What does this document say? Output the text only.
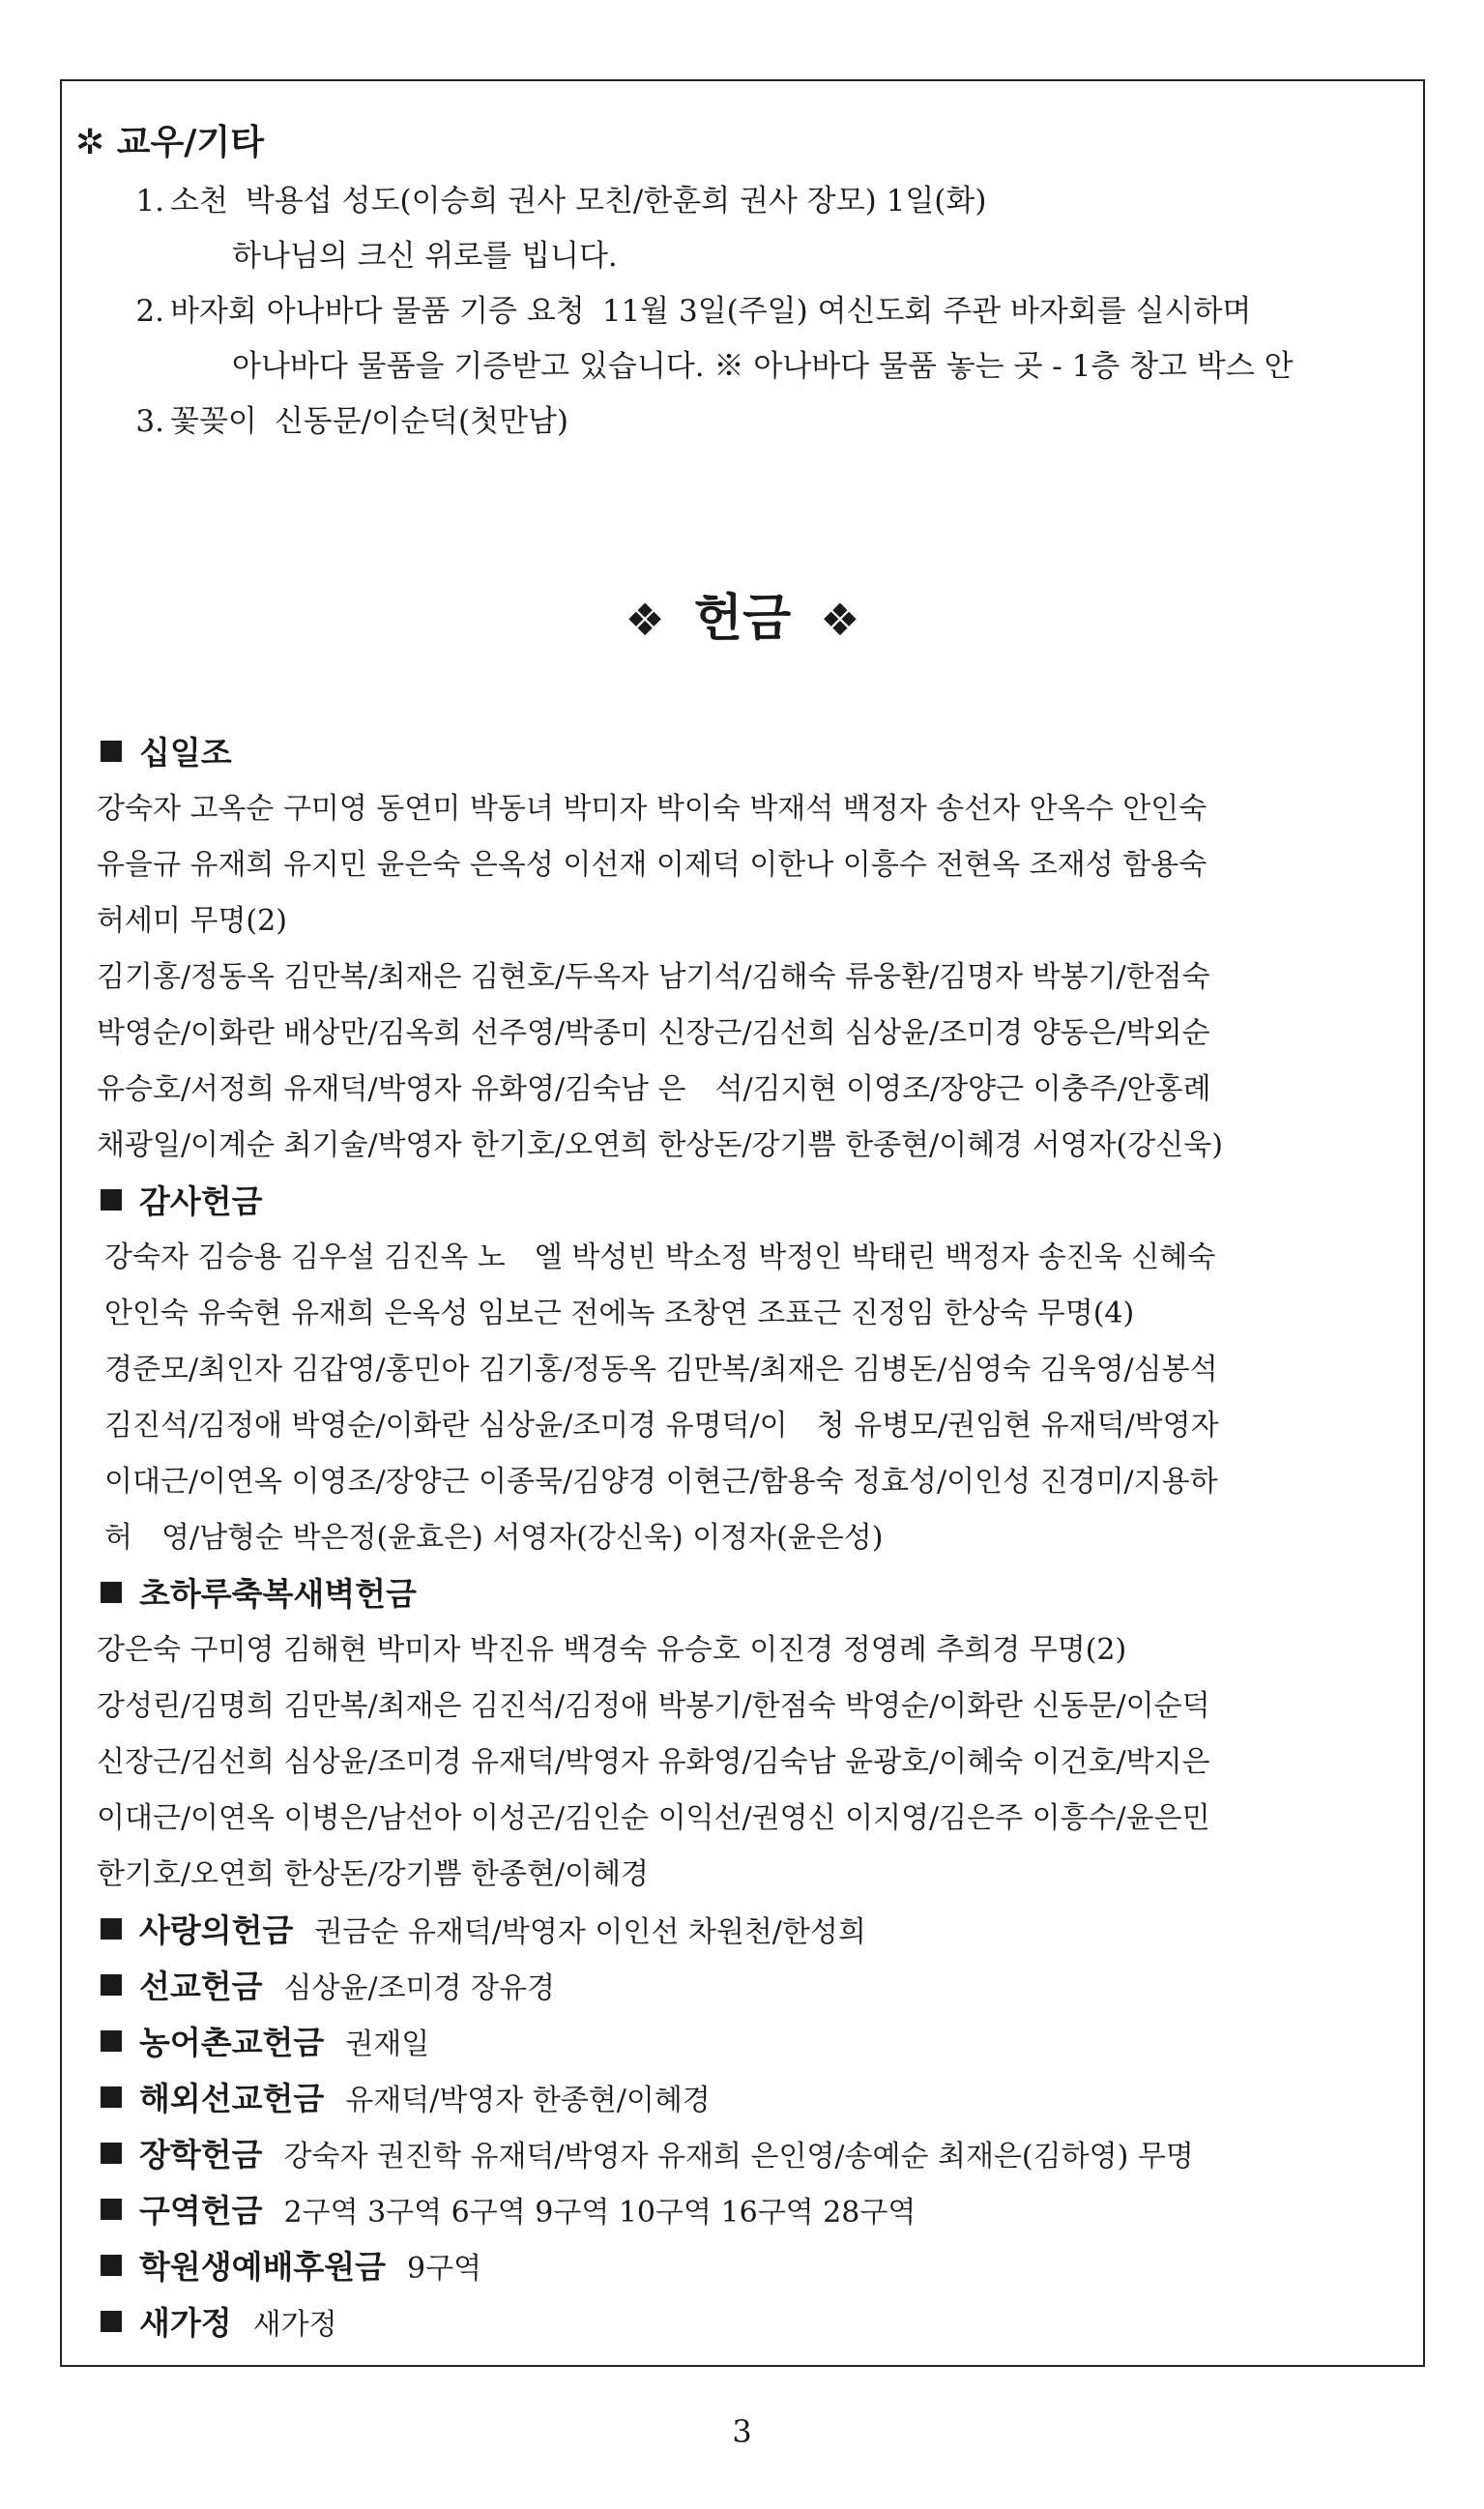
✲ 교우/기타
1. 소천 박용섭 성도(이승희 권사 모친/한훈희 권사 장모) 1일(화)
하나님의 크신 위로를 빕니다.
2. 바자회 아나바다 물품 기증 요청 11월 3일(주일) 여신도회 주관 바자회를 실시하며
아나바다 물품을 기증받고 있습니다. ※ 아나바다 물품 놓는 곳 - 1층 창고 박스 안
3. 꽃꽂이 신동문/이순덕(첫만남)
❖ 헌금 ❖
십일조
강숙자 고옥순 구미영 동연미 박동녀 박미자 박이숙 박재석 백정자 송선자 안옥수 안인숙
유을규 유재희 유지민 윤은숙 은옥성 이선재 이제덕 이한나 이흥수 전현옥 조재성 함용숙
허세미 무명(2)
김기홍/정동옥 김만복/최재은 김현호/두옥자 남기석/김해숙 류웅환/김명자 박봉기/한점숙
박영순/이화란 배상만/김옥희 선주영/박종미 신장근/김선희 심상윤/조미경 양동은/박외순
유승호/서정희 유재덕/박영자 유화영/김숙남 은　석/김지현 이영조/장양근 이충주/안홍례
채광일/이계순 최기술/박영자 한기호/오연희 한상돈/강기쁨 한종현/이혜경 서영자(강신욱)
감사헌금
강숙자 김승용 김우설 김진옥 노　엘 박성빈 박소정 박정인 박태린 백정자 송진욱 신혜숙
안인숙 유숙현 유재희 은옥성 임보근 전에녹 조창연 조표근 진정임 한상숙 무명(4)
경준모/최인자 김갑영/홍민아 김기홍/정동옥 김만복/최재은 김병돈/심영숙 김욱영/심봉석
김진석/김정애 박영순/이화란 심상윤/조미경 유명덕/이　청 유병모/권임현 유재덕/박영자
이대근/이연옥 이영조/장양근 이종묵/김양경 이현근/함용숙 정효성/이인성 진경미/지용하
허　영/남형순 박은정(윤효은) 서영자(강신욱) 이정자(윤은성)
초하루축복새벽헌금
강은숙 구미영 김해현 박미자 박진유 백경숙 유승호 이진경 정영례 추희경 무명(2)
강성린/김명희 김만복/최재은 김진석/김정애 박봉기/한점숙 박영순/이화란 신동문/이순덕
신장근/김선희 심상윤/조미경 유재덕/박영자 유화영/김숙남 윤광호/이혜숙 이건호/박지은
이대근/이연옥 이병은/남선아 이성곤/김인순 이익선/권영신 이지영/김은주 이흥수/윤은민
한기호/오연희 한상돈/강기쁨 한종현/이혜경
사랑의헌금 권금순 유재덕/박영자 이인선 차원천/한성희
선교헌금 심상윤/조미경 장유경
농어촌교헌금 권재일
해외선교헌금 유재덕/박영자 한종현/이혜경
장학헌금 강숙자 권진학 유재덕/박영자 유재희 은인영/송예순 최재은(김하영) 무명
구역헌금 2구역 3구역 6구역 9구역 10구역 16구역 28구역
학원생예배후원금 9구역
새가정 새가정
3
